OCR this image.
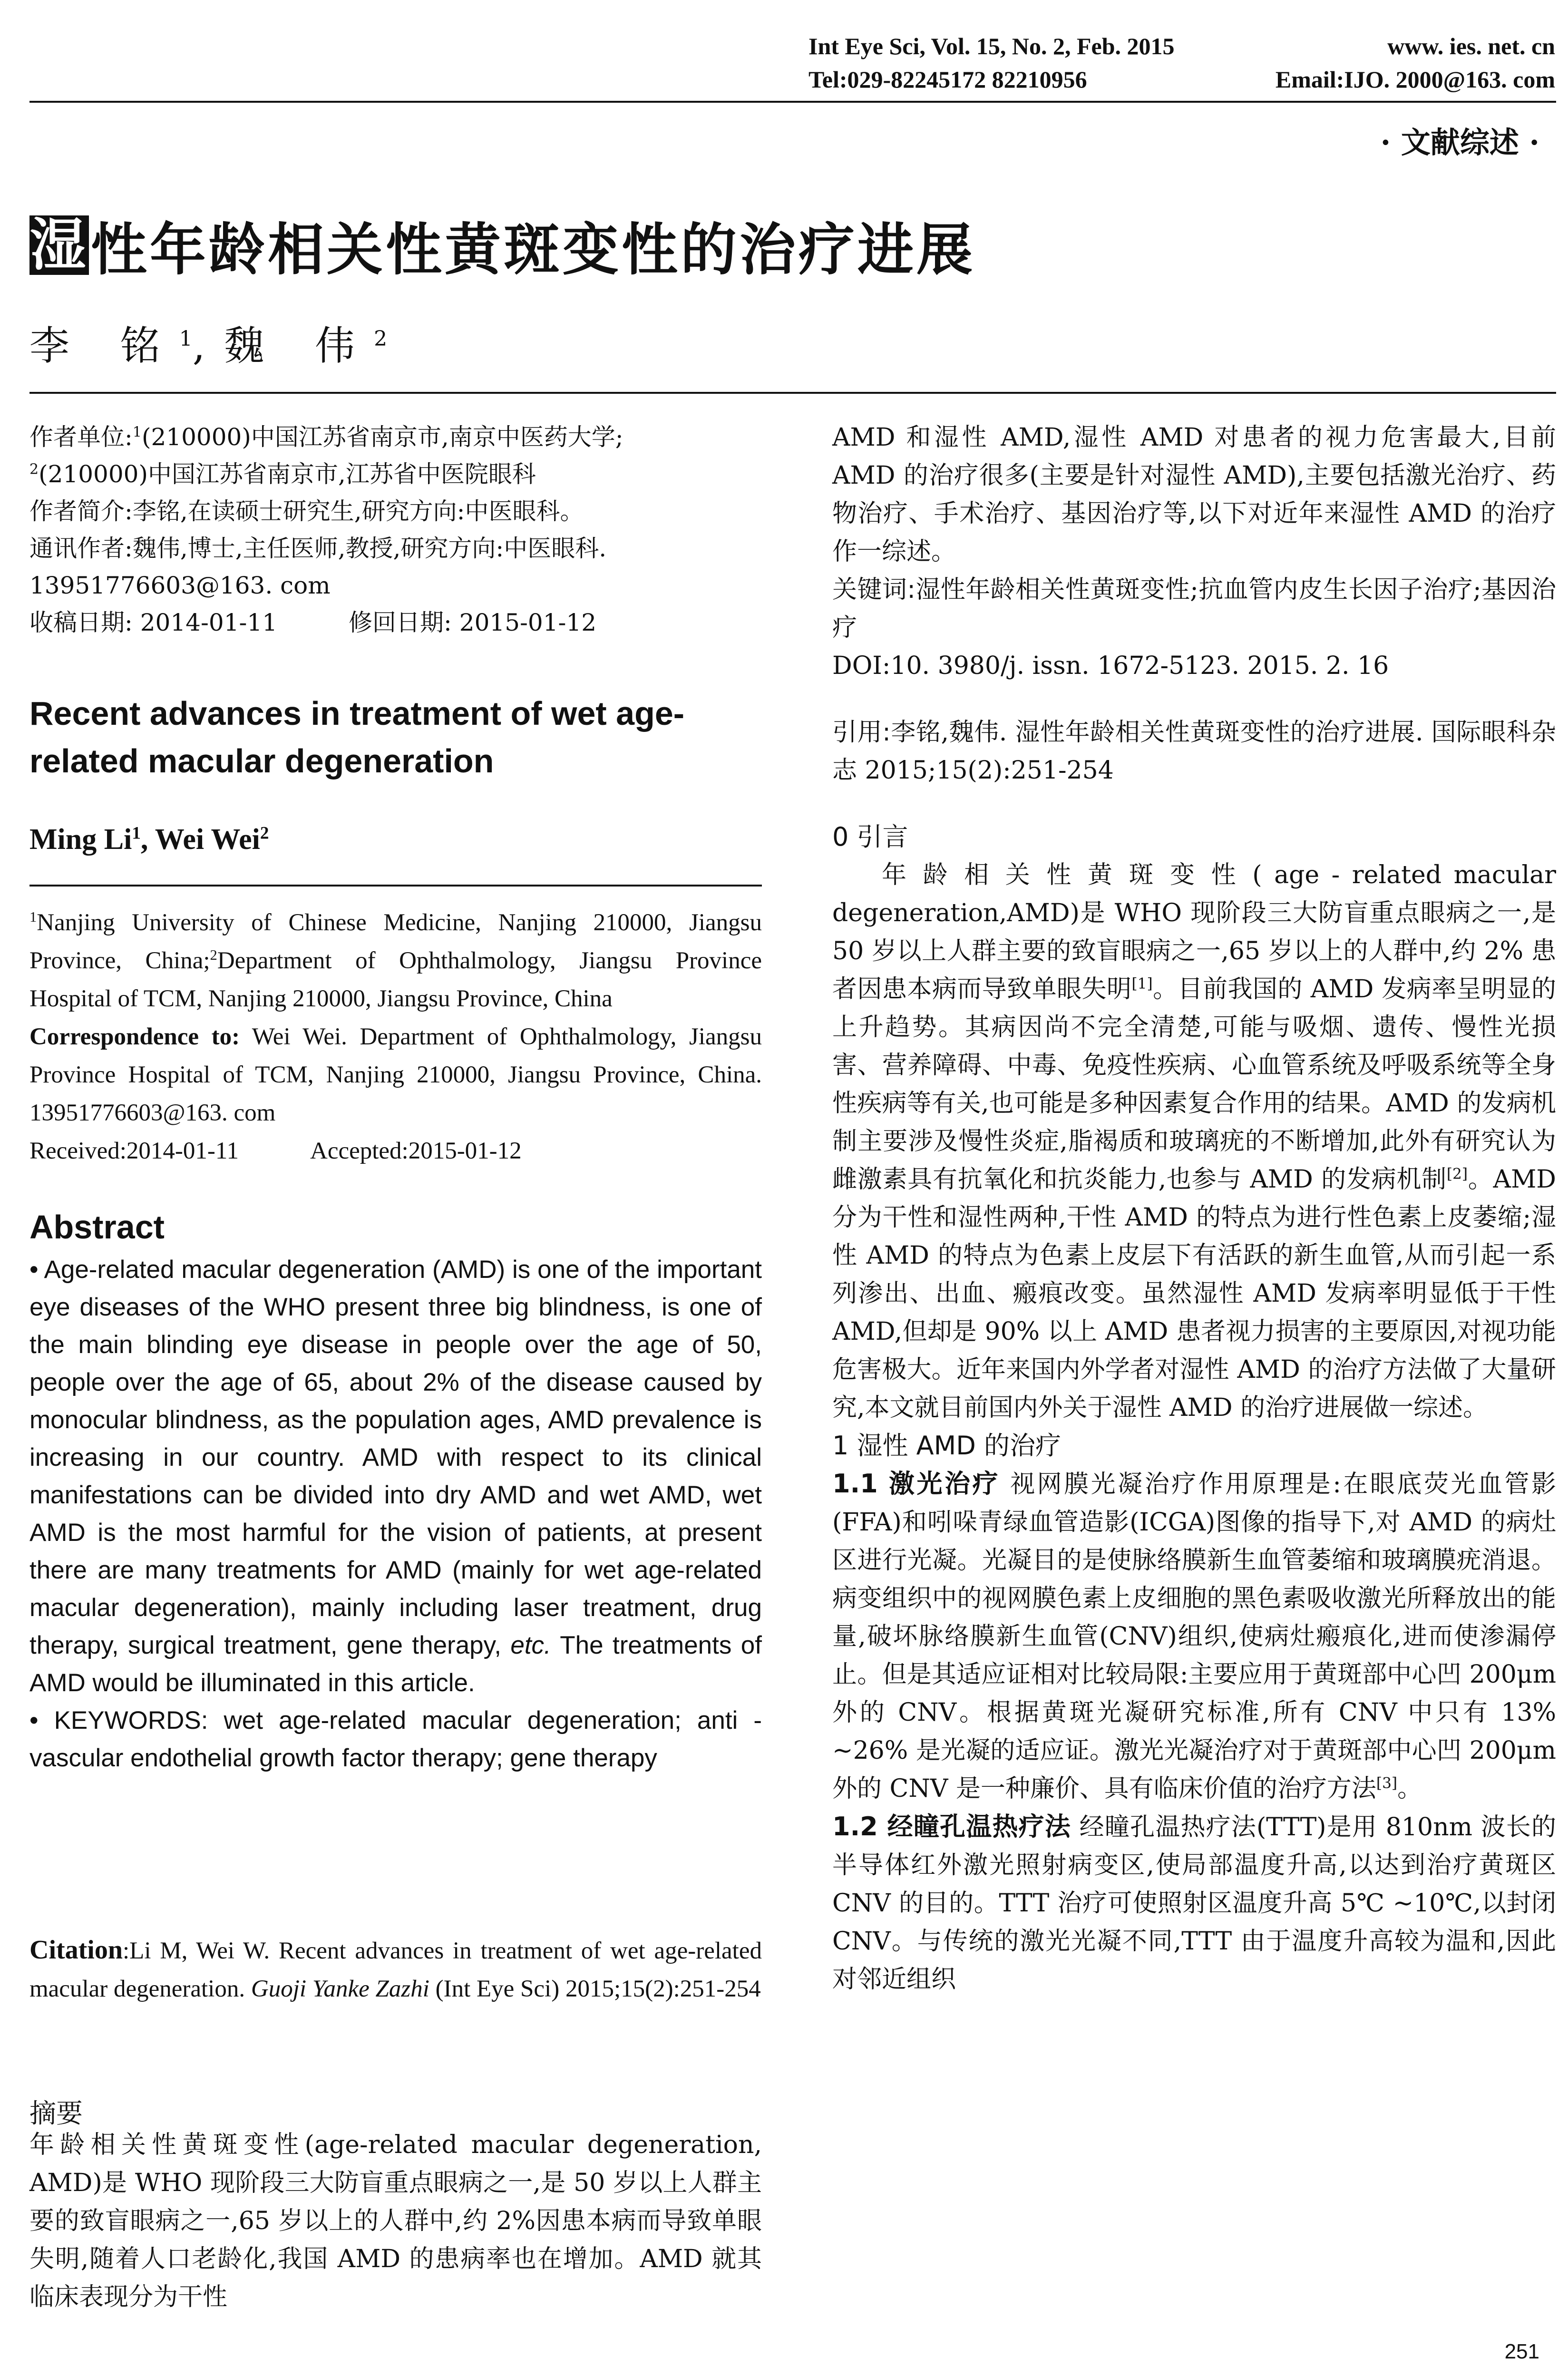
Int Eye Sci, Vol. 15, No. 2, Feb. 2015	www. ies. net. cn
Tel:029-82245172 82210956	Email:IJO. 2000@163. com
· 文献综述 ·
湿 性年龄相关性黄斑变性的治疗进展
李 铭$^1$,魏 伟$^2$

作者单位:$^1$(210000)中国江苏省南京市,南京中医药大学;
$^2$(210000)中国江苏省南京市,江苏省中医院眼科

作者简介:李铭,在读硕士研究生,研究方向:中医眼科。

通讯作者:魏伟,博士,主任医师,教授,研究方向:中医眼科.

13951776603@163. com

收稿日期: 2014-01-11	修回日期: 2015-01-12

Recent advances in treatment of wet age-related macular degeneration
Ming Li$^1$, Wei Wei$^2$
$^1$Nanjing University of Chinese Medicine, Nanjing 210000, Jiangsu Province, China;$^2$Department of Ophthalmology, Jiangsu Province Hospital of TCM, Nanjing 210000, Jiangsu Province, China
Correspondence to: Wei Wei. Department of Ophthalmology, Jiangsu Province Hospital of TCM, Nanjing 210000, Jiangsu Province, China. 13951776603@163. com
Received:2014-01-11	Accepted:2015-01-12
Abstract

• Age-related macular degeneration (AMD) is one of the important eye diseases of the WHO present three big blindness, is one of the main blinding eye disease in people over the age of 50, people over the age of 65, about 2% of the disease caused by monocular blindness, as the population ages, AMD prevalence is increasing in our country. AMD with respect to its clinical manifestations can be divided into dry AMD and wet AMD, wet AMD is the most harmful for the vision of patients, at present there are many treatments for AMD (mainly for wet age-related macular degeneration), mainly including laser treatment, drug therapy, surgical treatment, gene therapy, etc. The treatments of AMD would be illuminated in this article.

• KEYWORDS: wet age-related macular degeneration; anti - vascular endothelial growth factor therapy; gene therapy

Citation:Li M, Wei W. Recent advances in treatment of wet age-related macular degeneration. Guoji Yanke Zazhi (Int Eye Sci) 2015;15(2):251-254
摘要
年龄相关性黄斑变性(age-related macular degeneration, AMD)是 WHO 现阶段三大防盲重点眼病之一,是 50 岁以上人群主要的致盲眼病之一,65 岁以上的人群中,约 2%因患本病而导致单眼失明,随着人口老龄化,我国 AMD 的患病率也在增加。AMD 就其临床表现分为干性

AMD 和湿性 AMD,湿性 AMD 对患者的视力危害最大,目前 AMD 的治疗很多(主要是针对湿性 AMD),主要包括激光治疗、药物治疗、手术治疗、基因治疗等,以下对近年来湿性 AMD 的治疗作一综述。

关键词:湿性年龄相关性黄斑变性;抗血管内皮生长因子治疗;基因治疗

DOI:10. 3980/j. issn. 1672-5123. 2015. 2. 16

引用:李铭,魏伟. 湿性年龄相关性黄斑变性的治疗进展. 国际眼科杂志 2015;15(2):251-254

0 引言

年 龄 相 关 性 黄 斑 变 性 ( age - related macular degeneration,AMD)是 WHO 现阶段三大防盲重点眼病之一,是 50 岁以上人群主要的致盲眼病之一,65 岁以上的人群中,约 2% 患者因患本病而导致单眼失明[1]。目前我国的 AMD 发病率呈明显的上升趋势。其病因尚不完全清楚,可能与吸烟、遗传、慢性光损害、营养障碍、中毒、免疫性疾病、心血管系统及呼吸系统等全身性疾病等有关,也可能是多种因素复合作用的结果。AMD 的发病机制主要涉及慢性炎症,脂褐质和玻璃疣的不断增加,此外有研究认为雌激素具有抗氧化和抗炎能力,也参与 AMD 的发病机制[2]。AMD 分为干性和湿性两种,干性 AMD 的特点为进行性色素上皮萎缩;湿性 AMD 的特点为色素上皮层下有活跃的新生血管,从而引起一系列渗出、出血、瘢痕改变。虽然湿性 AMD 发病率明显低于干性 AMD,但却是 90% 以上 AMD 患者视力损害的主要原因,对视功能危害极大。近年来国内外学者对湿性 AMD 的治疗方法做了大量研究,本文就目前国内外关于湿性 AMD 的治疗进展做一综述。

1 湿性 AMD 的治疗

1.1 激光治疗 视网膜光凝治疗作用原理是:在眼底荧光血管影(FFA)和吲哚青绿血管造影(ICGA)图像的指导下,对 AMD 的病灶区进行光凝。光凝目的是使脉络膜新生血管萎缩和玻璃膜疣消退。病变组织中的视网膜色素上皮细胞的黑色素吸收激光所释放出的能量,破坏脉络膜新生血管(CNV)组织,使病灶瘢痕化,进而使渗漏停止。但是其适应证相对比较局限:主要应用于黄斑部中心凹 200μm 外的 CNV。根据黄斑光凝研究标准,所有 CNV 中只有 13% ~26% 是光凝的适应证。激光光凝治疗对于黄斑部中心凹 200μm 外的 CNV 是一种廉价、具有临床价值的治疗方法[3]。

1.2 经瞳孔温热疗法 经瞳孔温热疗法(TTT)是用 810nm 波长的半导体红外激光照射病变区,使局部温度升高,以达到治疗黄斑区 CNV 的目的。TTT 治疗可使照射区温度升高 5℃ ~10℃,以封闭 CNV。与传统的激光光凝不同,TTT 由于温度升高较为温和,因此对邻近组织

251
